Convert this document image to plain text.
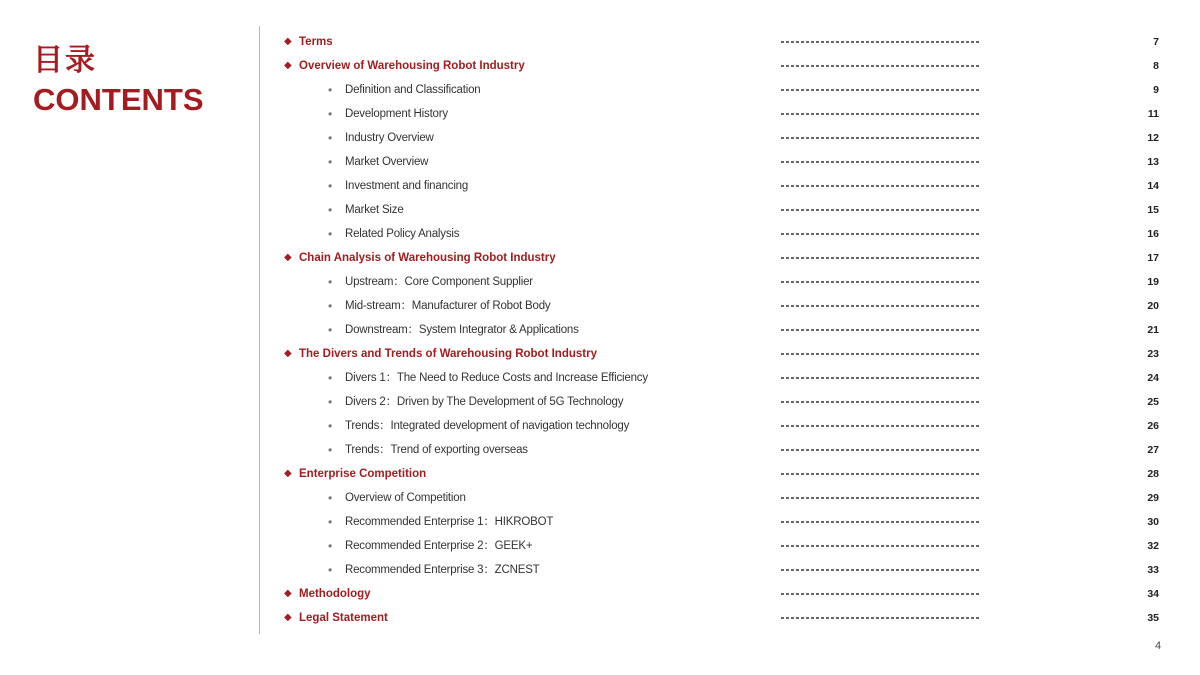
目录
CONTENTS
◆ Terms	7
◆ Overview of Warehousing Robot Industry	8
• Definition and Classification	9
• Development History	11
• Industry Overview	12
• Market Overview	13
• Investment and financing	14
• Market Size	15
• Related Policy Analysis	16
◆ Chain Analysis of Warehousing Robot Industry	17
• Upstream：Core Component Supplier	19
• Mid-stream：Manufacturer of Robot Body	20
• Downstream：System Integrator & Applications	21
◆ The Divers and Trends of Warehousing Robot Industry	23
• Divers 1：The Need to Reduce Costs and Increase Efficiency	24
• Divers 2：Driven by The Development of 5G Technology	25
• Trends：Integrated development of navigation technology	26
• Trends：Trend of exporting overseas	27
◆ Enterprise Competition	28
• Overview of Competition	29
• Recommended Enterprise 1：HIKROBOT	30
• Recommended Enterprise 2：GEEK+	32
• Recommended Enterprise 3：ZCNEST	33
◆ Methodology	34
◆ Legal Statement	35
4
